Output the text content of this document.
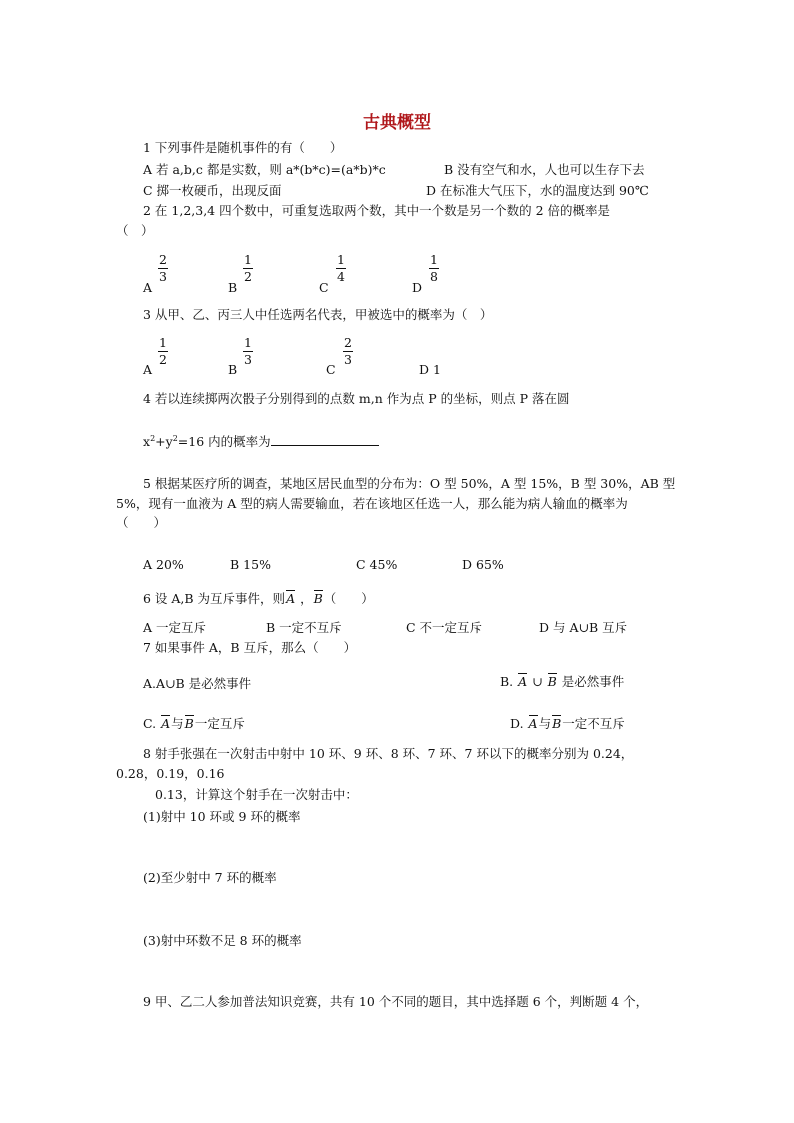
古典概型
1 下列事件是随机事件的有（　　）
A 若 a,b,c 都是实数，则 a*(b*c)=(a*b)*c	B 没有空气和水，人也可以生存下去
C 掷一枚硬币，出现反面	D 在标准大气压下，水的温度达到 90℃
2 在 1,2,3,4 四个数中，可重复选取两个数，其中一个数是另一个数的 2 倍的概率是
（　）
A
2
3
B
1
2
C
1
4
D
1
8
3 从甲、乙、丙三人中任选两名代表，甲被选中的概率为（　）
A
1
2
B
1
3
C
2
3
D 1
4 若以连续掷两次骰子分别得到的点数 m,n 作为点 P 的坐标，则点 P 落在圆
$x^2+y^2=16$ 内的概率为
5 根据某医疗所的调查，某地区居民血型的分布为：O 型 50%，A 型 15%，B 型 30%，AB 型
5%，现有一血液为 A 型的病人需要输血，若在该地区任选一人，那么能为病人输血的概率为
（　　）
A 20%	B 15%	C 45%	D 65%
6 设 A,B 为互斥事件，则A ，B（　　）
A 一定互斥	B 一定不互斥	C 不一定互斥	D 与 A∪B 互斥
7 如果事件 A，B 互斥，那么（　　）
A.A∪B 是必然事件	B. A ∪ B 是必然事件
C. A与B一定互斥	D. A与B一定不互斥
8 射手张强在一次射击中射中 10 环、9 环、8 环、7 环、7 环以下的概率分别为 0.24，
0.28，0.19，0.16
0.13，计算这个射手在一次射击中：
(1)射中 10 环或 9 环的概率
(2)至少射中 7 环的概率
(3)射中环数不足 8 环的概率
9 甲、乙二人参加普法知识竞赛，共有 10 个不同的题目，其中选择题 6 个，判断题 4 个，
